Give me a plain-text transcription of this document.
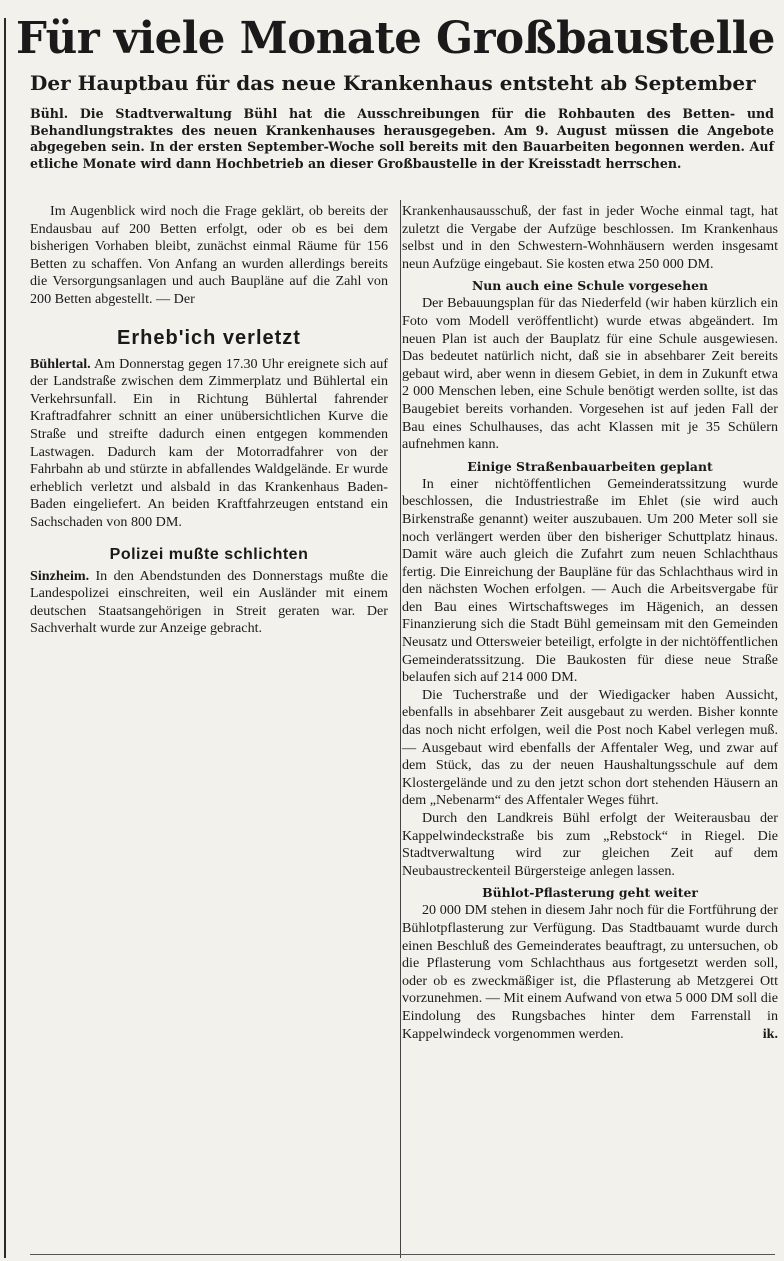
Für viele Monate Großbaustelle
Der Hauptbau für das neue Krankenhaus entsteht ab September

Bühl. Die Stadtverwaltung Bühl hat die Ausschreibungen für die Rohbauten des Betten- und Behandlungstraktes des neuen Krankenhauses herausgegeben. Am 9. August müssen die Angebote abgegeben sein. In der ersten September-Woche soll bereits mit den Bauarbeiten begonnen werden. Auf etliche Monate wird dann Hochbetrieb an dieser Großbaustelle in der Kreisstadt herrschen.

Im Augenblick wird noch die Frage geklärt, ob bereits der Endausbau auf 200 Betten erfolgt, oder ob es bei dem bisherigen Vorhaben bleibt, zunächst einmal Räume für 156 Betten zu schaffen. Von Anfang an wurden allerdings bereits die Versorgungsanlagen und auch Baupläne auf die Zahl von 200 Betten abgestellt. — Der

Erheb'ich verletzt

Bühlertal. Am Donnerstag gegen 17.30 Uhr ereignete sich auf der Landstraße zwischen dem Zimmerplatz und Bühlertal ein Verkehrsunfall. Ein in Richtung Bühlertal fahrender Kraftradfahrer schnitt an einer unübersichtlichen Kurve die Straße und streifte dadurch einen entgegen kommenden Lastwagen. Dadurch kam der Motorradfahrer von der Fahrbahn ab und stürzte in abfallendes Waldgelände. Er wurde erheblich verletzt und alsbald in das Krankenhaus Baden-Baden eingeliefert. An beiden Kraftfahrzeugen entstand ein Sachschaden von 800 DM.

Polizei mußte schlichten

Sinzheim. In den Abendstunden des Donnerstags mußte die Landespolizei einschreiten, weil ein Ausländer mit einem deutschen Staatsangehörigen in Streit geraten war. Der Sachverhalt wurde zur Anzeige gebracht.

Krankenhausausschuß, der fast in jeder Woche einmal tagt, hat zuletzt die Vergabe der Aufzüge beschlossen. Im Krankenhaus selbst und in den Schwestern-Wohnhäusern werden insgesamt neun Aufzüge eingebaut. Sie kosten etwa 250 000 DM.

Nun auch eine Schule vorgesehen

Der Bebauungsplan für das Niederfeld (wir haben kürzlich ein Foto vom Modell veröffentlicht) wurde etwas abgeändert. Im neuen Plan ist auch der Bauplatz für eine Schule ausgewiesen. Das bedeutet natürlich nicht, daß sie in absehbarer Zeit bereits gebaut wird, aber wenn in diesem Gebiet, in dem in Zukunft etwa 2 000 Menschen leben, eine Schule benötigt werden sollte, ist das Baugebiet bereits vorhanden. Vorgesehen ist auf jeden Fall der Bau eines Schulhauses, das acht Klassen mit je 35 Schülern aufnehmen kann.

Einige Straßenbauarbeiten geplant

In einer nichtöffentlichen Gemeinderatssitzung wurde beschlossen, die Industriestraße im Ehlet (sie wird auch Birkenstraße genannt) weiter auszubauen. Um 200 Meter soll sie noch verlängert werden über den bisheriger Schuttplatz hinaus. Damit wäre auch gleich die Zufahrt zum neuen Schlachthaus fertig. Die Einreichung der Baupläne für das Schlachthaus wird in den nächsten Wochen erfolgen. — Auch die Arbeitsvergabe für den Bau eines Wirtschaftsweges im Hägenich, an dessen Finanzierung sich die Stadt Bühl gemeinsam mit den Gemeinden Neusatz und Ottersweier beteiligt, erfolgte in der nichtöffentlichen Gemeinderatssitzung. Die Baukosten für diese neue Straße belaufen sich auf 214 000 DM.

Die Tucherstraße und der Wiedigacker haben Aussicht, ebenfalls in absehbarer Zeit ausgebaut zu werden. Bisher konnte das noch nicht erfolgen, weil die Post noch Kabel verlegen muß. — Ausgebaut wird ebenfalls der Affentaler Weg, und zwar auf dem Stück, das zu der neuen Haushaltungsschule auf dem Klostergelände und zu den jetzt schon dort stehenden Häusern an dem „Nebenarm“ des Affentaler Weges führt.

Durch den Landkreis Bühl erfolgt der Weiterausbau der Kappelwindeckstraße bis zum „Rebstock“ in Riegel. Die Stadtverwaltung wird zur gleichen Zeit auf dem Neubaustreckenteil Bürgersteige anlegen lassen.

Bühlot-Pflasterung geht weiter

20 000 DM stehen in diesem Jahr noch für die Fortführung der Bühlotpflasterung zur Verfügung. Das Stadtbauamt wurde durch einen Beschluß des Gemeinderates beauftragt, zu untersuchen, ob die Pflasterung vom Schlachthaus aus fortgesetzt werden soll, oder ob es zweckmäßiger ist, die Pflasterung ab Metzgerei Ott vorzunehmen. — Mit einem Aufwand von etwa 5 000 DM soll die Eindolung des Rungsbaches hinter dem Farrenstall in Kappelwindeck vorgenommen werden.	ik.
